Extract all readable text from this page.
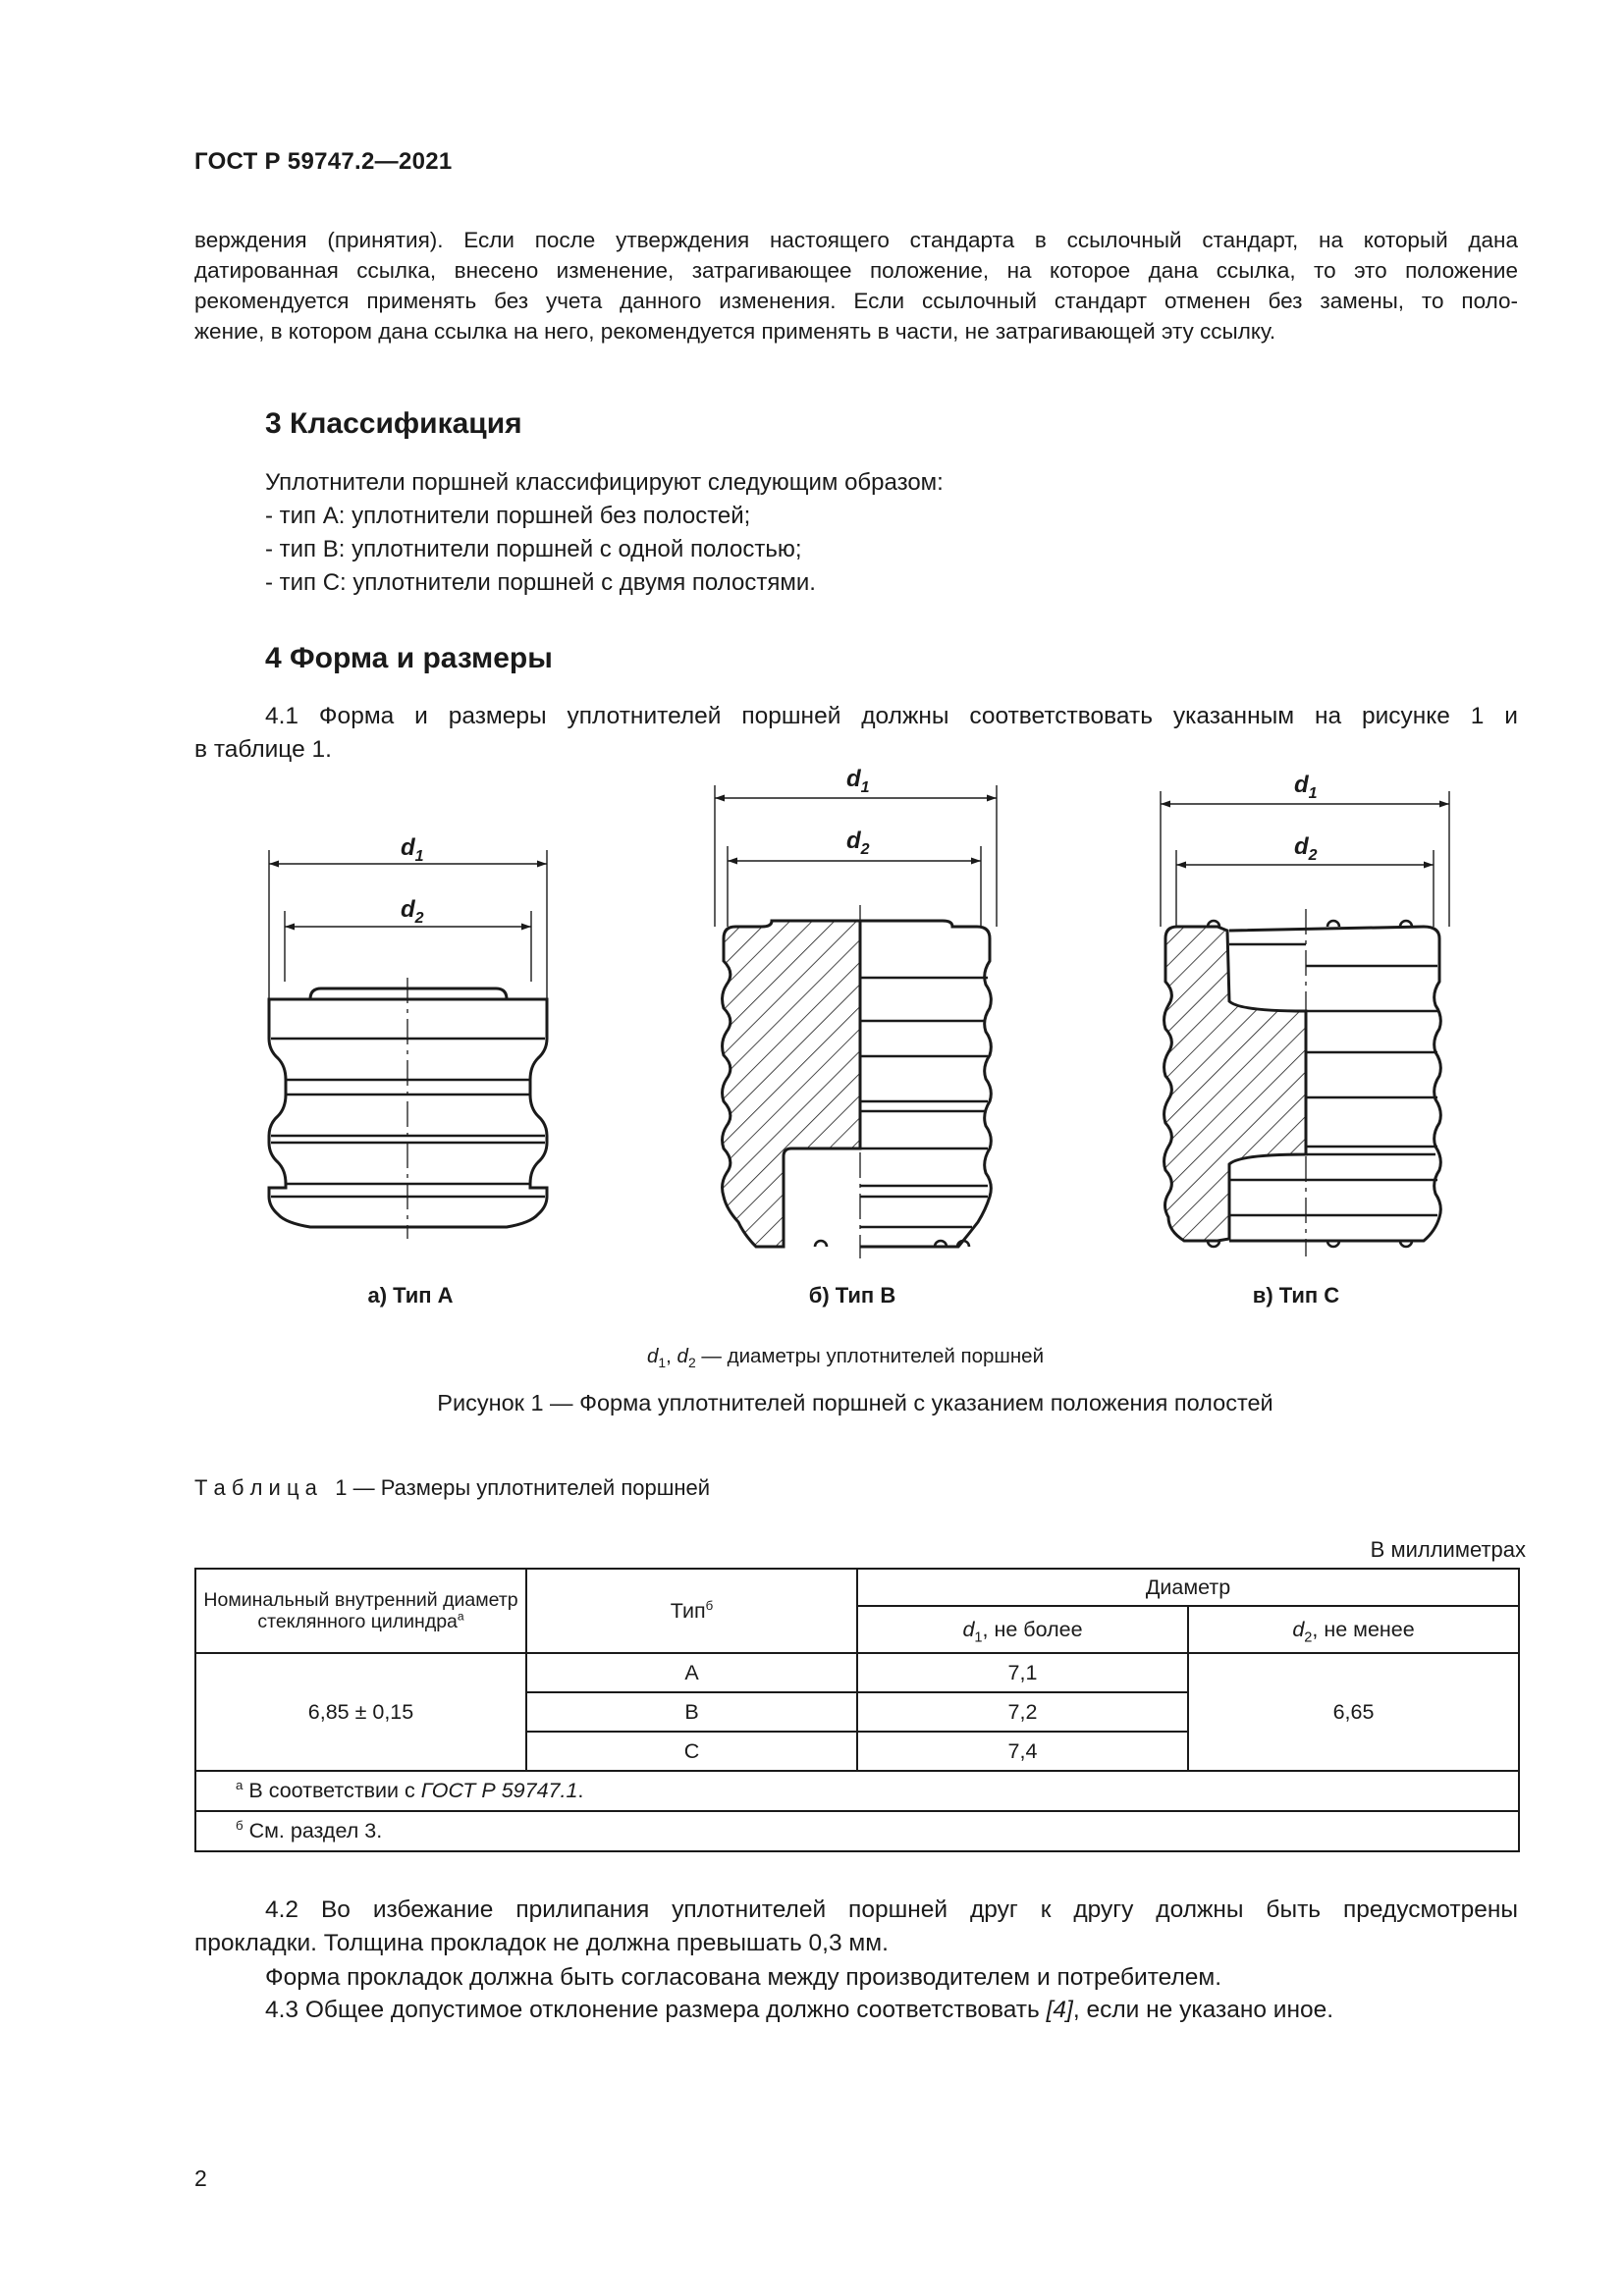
ГОСТ Р 59747.2—2021

верждения (принятия). Если после утверждения настоящего стандарта в ссылочный стандарт, на который дана

датированная ссылка, внесено изменение, затрагивающее положение, на которое дана ссылка, то это положение

рекомендуется применять без учета данного изменения. Если ссылочный стандарт отменен без замены, то поло-

жение, в котором дана ссылка на него, рекомендуется применять в части, не затрагивающей эту ссылку.

3 Классификация
Уплотнители поршней классифицируют следующим образом:
- тип А: уплотнители поршней без полостей;
- тип В: уплотнители поршней с одной полостью;
- тип С: уплотнители поршней с двумя полостями.
4 Форма и размеры
4.1 Форма и размеры уплотнителей поршней должны соответствовать указанным на рисунке 1 и
в таблице 1.
$d_1$
$d_2$
$d_1$
$d_2$
$d_1$
$d_2$
а) Тип А	б) Тип В	в) Тип С
$d_1$, $d_2$ — диаметры уплотнителей поршней
Рисунок 1 — Форма уплотнителей поршней с указанием положения полостей
Т а б л и ц а   1 — Размеры уплотнителей поршней
В миллиметрах
Номинальный внутренний диаметр стеклянного цилиндра$^а$	Тип$^б$	Диаметр	
		$d_1$, не более	$d_2$, не менее
6,85 ± 0,15	А	7,1	6,65
	В	7,2	
	С	7,4	
$^а$ В соответствии с ГОСТ Р 59747.1.			
$^б$ См. раздел 3.			
4.2 Во избежание прилипания уплотнителей поршней друг к другу должны быть предусмотрены
прокладки. Толщина прокладок не должна превышать 0,3 мм.
Форма прокладок должна быть согласована между производителем и потребителем.
4.3 Общее допустимое отклонение размера должно соответствовать [4], если не указано иное.
2
